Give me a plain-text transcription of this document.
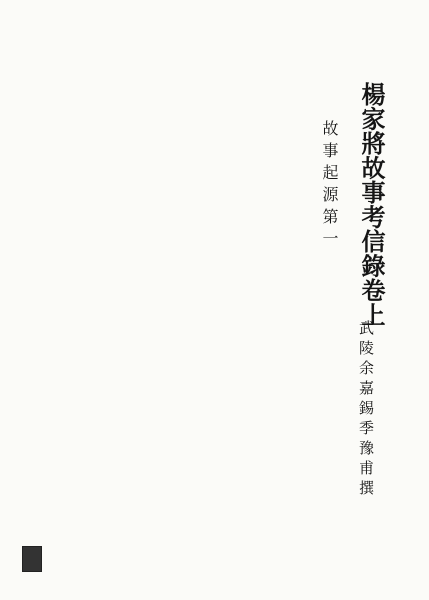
楊家將故事考信錄卷上
故事起源第一
武陵余嘉錫季豫甫撰
